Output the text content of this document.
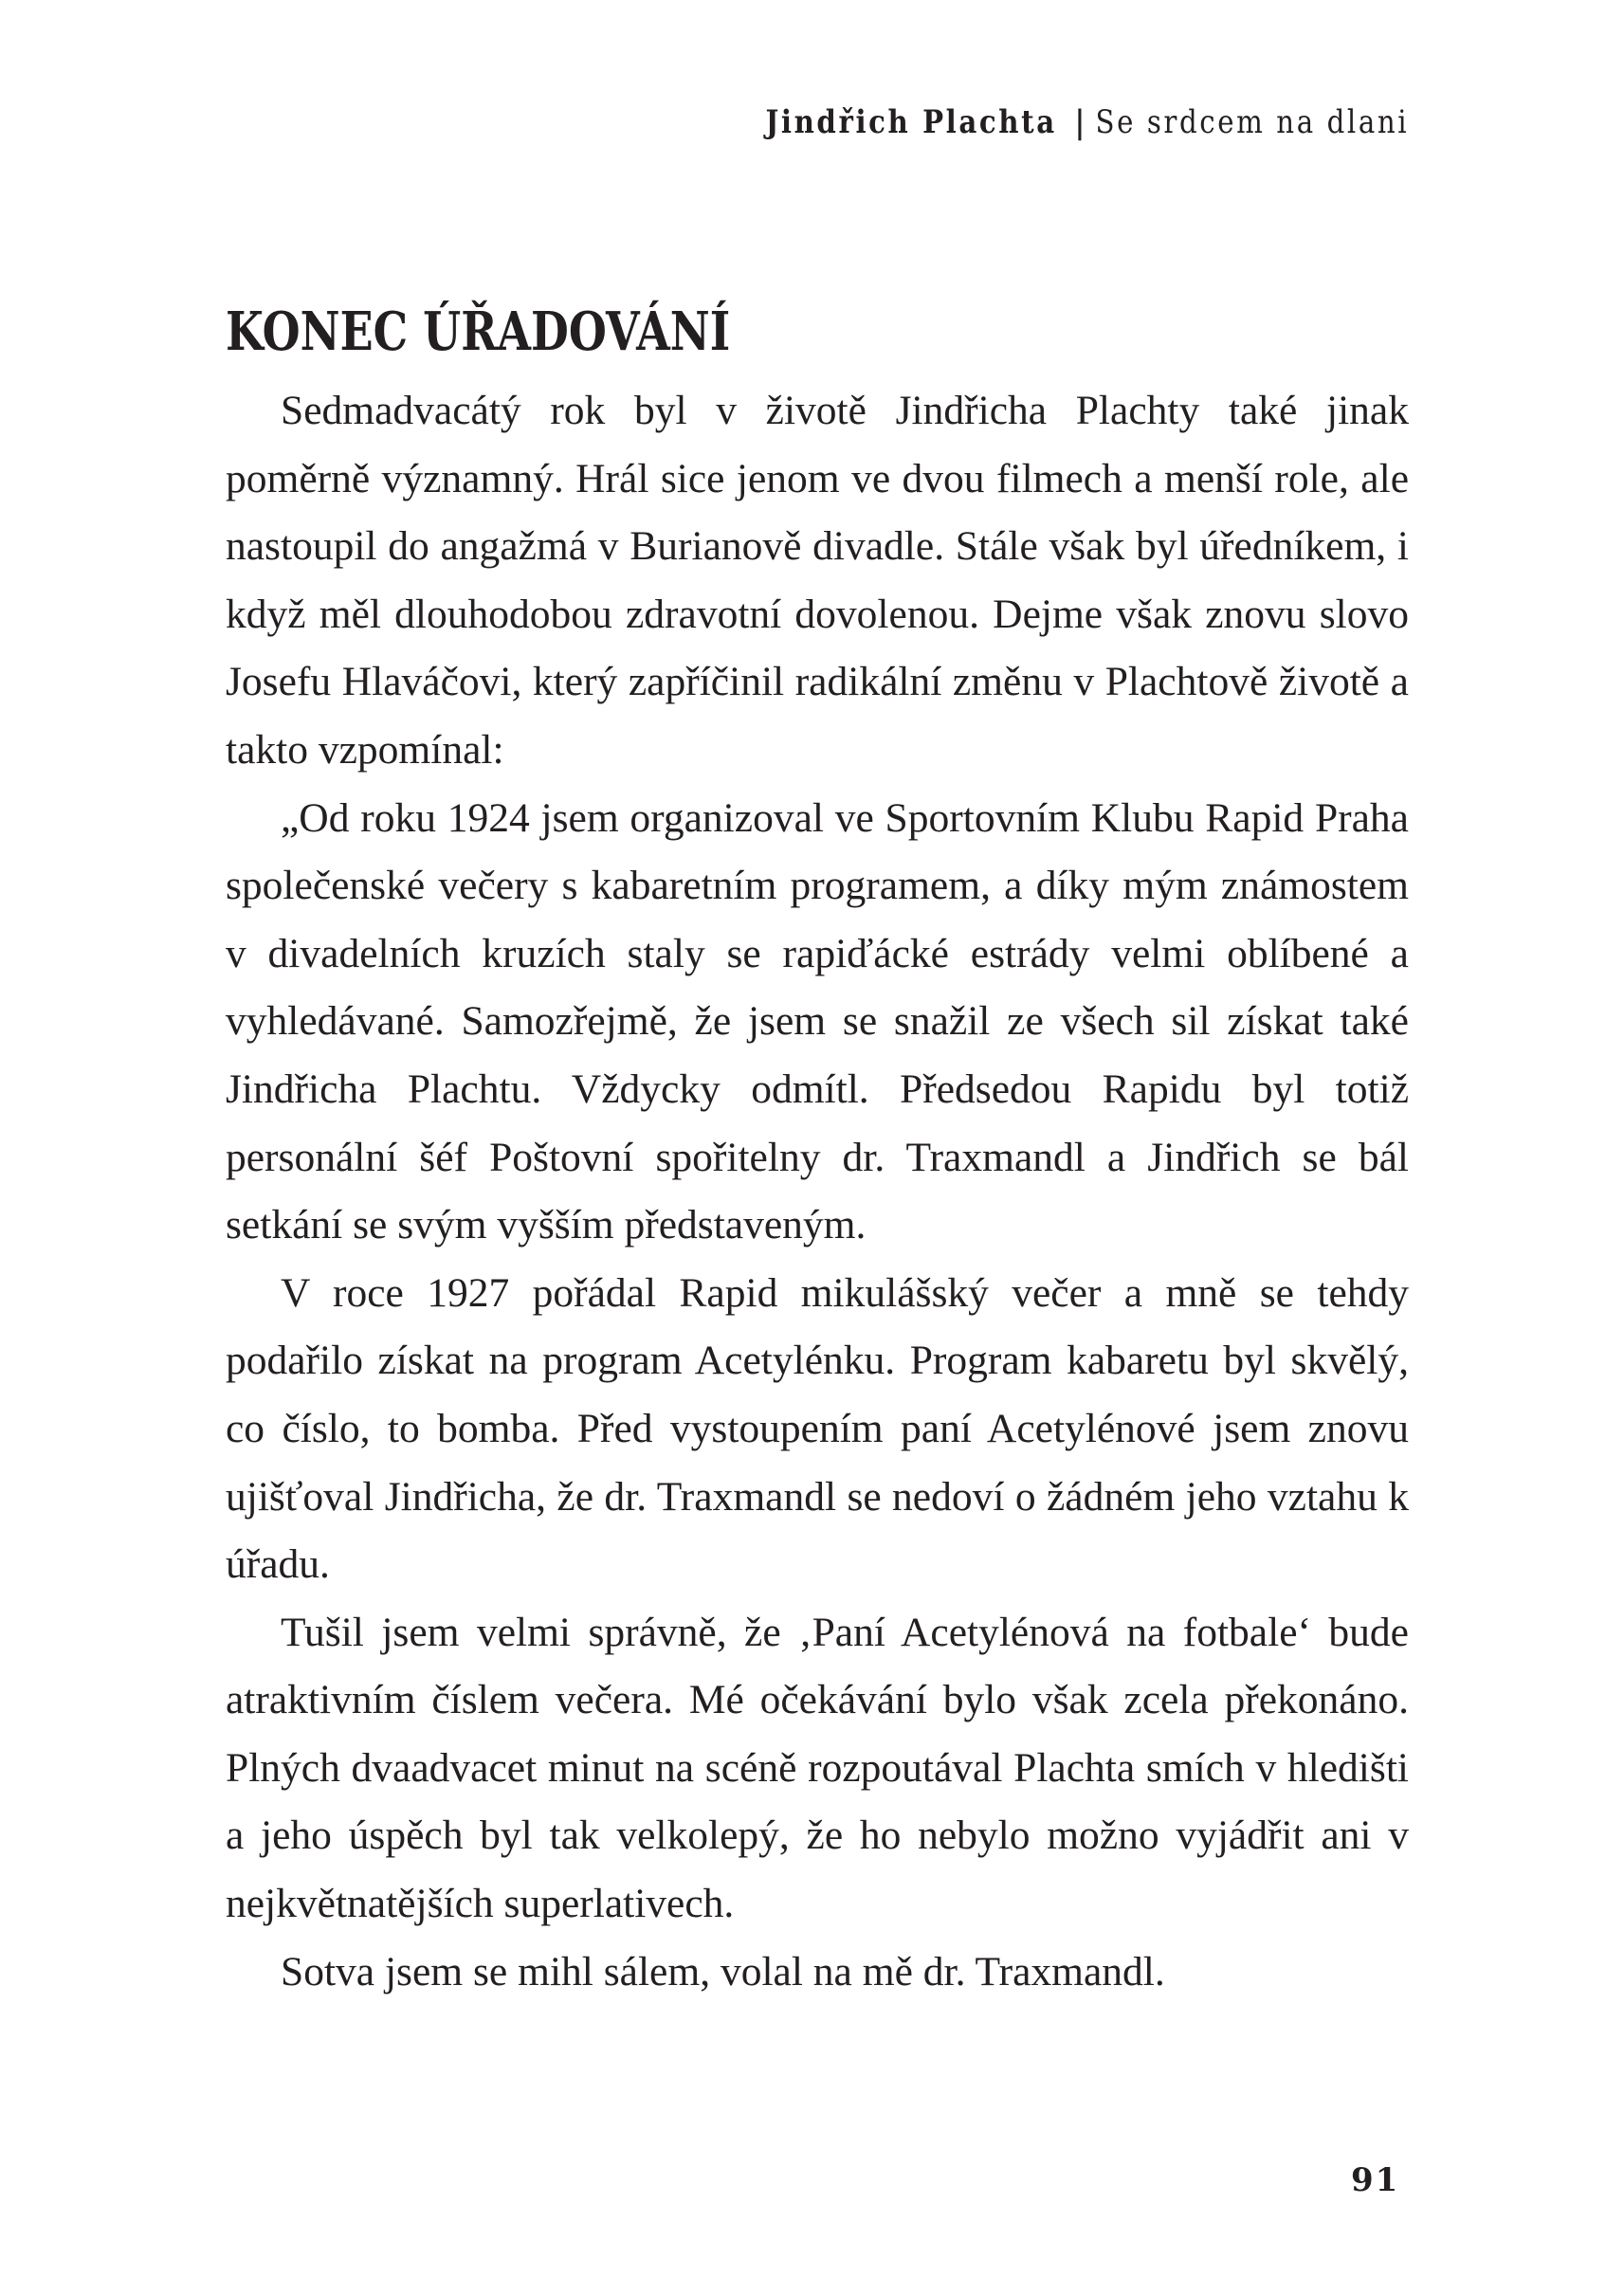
Jindřich Plachta | Se srdcem na dlani
KONEC ÚŘADOVÁNÍ

Sedmadvacátý rok byl v životě Jindřicha Plachty také jinak poměrně významný. Hrál sice jenom ve dvou filmech a menší role, ale nastoupil do angažmá v Burianově divadle. Stále však byl úředníkem, i když měl dlouhodobou zdravotní dovolenou. Dejme však znovu slovo Josefu Hlaváčovi, který zapříčinil radikální změnu v Plachtově životě a takto vzpomínal:

„Od roku 1924 jsem organizoval ve Sportovním Klubu Rapid Praha společenské večery s kabaretním programem, a díky mým známostem v divadelních kruzích staly se rapiďácké estrády velmi oblíbené a vyhledávané. Samozřejmě, že jsem se snažil ze všech sil získat také Jindřicha Plachtu. Vždycky odmítl. Předsedou Rapidu byl totiž personální šéf Poštovní spořitelny dr. Traxmandl a Jindřich se bál setkání se svým vyšším představeným.

V roce 1927 pořádal Rapid mikulášský večer a mně se tehdy podařilo získat na program Acetylénku. Program kabaretu byl skvělý, co číslo, to bomba. Před vystoupením paní Acetylénové jsem znovu ujišťoval Jindřicha, že dr. Traxmandl se nedoví o žádném jeho vztahu k úřadu.

Tušil jsem velmi správně, že ‚Paní Acetylénová na fotbale‘ bude atraktivním číslem večera. Mé očekávání bylo však zcela překonáno. Plných dvaadvacet minut na scéně rozpoutával Plachta smích v hledišti a jeho úspěch byl tak velkolepý, že ho nebylo možno vyjádřit ani v nejkvětnatějších superlativech.

Sotva jsem se mihl sálem, volal na mě dr. Traxmandl.

91
